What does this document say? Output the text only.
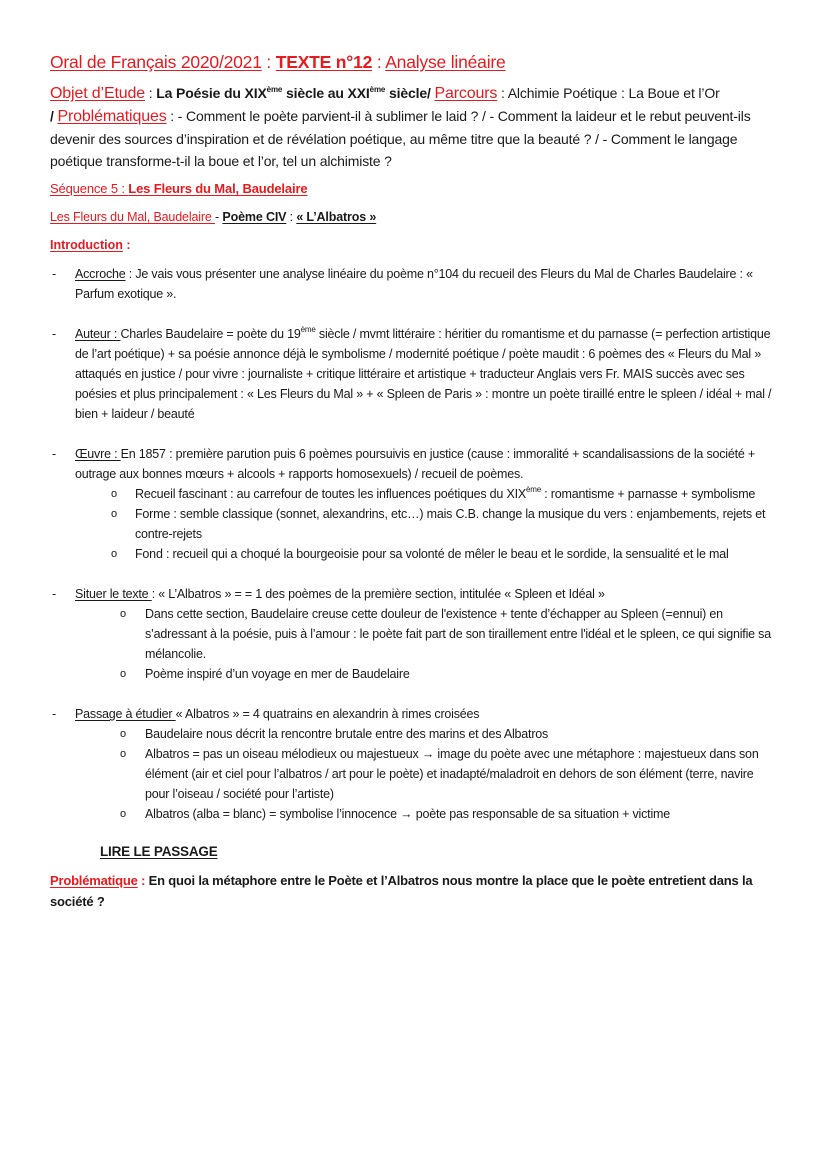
Oral de Français 2020/2021 : TEXTE n°12 : Analyse linéaire
Objet d’Etude : La Poésie du XIXème siècle au XXIème siècle/ Parcours : Alchimie Poétique : La Boue et l’Or
/ Problématiques : - Comment le poète parvient-il à sublimer le laid ? / - Comment la laideur et le rebut peuvent-ils devenir des sources d’inspiration et de révélation poétique, au même titre que la beauté ? / - Comment le langage poétique transforme-t-il la boue et l’or, tel un alchimiste ?
Séquence 5 : Les Fleurs du Mal, Baudelaire
Les Fleurs du Mal, Baudelaire - Poème CIV : « L’Albatros »
Introduction :
- Accroche : Je vais vous présenter une analyse linéaire du poème n°104 du recueil des Fleurs du Mal de Charles Baudelaire : « Parfum exotique ».
- Auteur : Charles Baudelaire = poète du 19ème siècle / mvmt littéraire : héritier du romantisme et du parnasse (= perfection artistique de l’art poétique) + sa poésie annonce déjà le symbolisme / modernité poétique / poète maudit : 6 poèmes des « Fleurs du Mal » attaqués en justice / pour vivre : journaliste + critique littéraire et artistique + traducteur Anglais vers Fr. MAIS succès avec ses poésies et plus principalement : « Les Fleurs du Mal » + « Spleen de Paris » : montre un poète tiraillé entre le spleen / idéal + mal / bien + laideur / beauté
- Œuvre : En 1857 : première parution puis 6 poèmes poursuivis en justice (cause : immoralité + scandalisassions de la société + outrage aux bonnes mœurs + alcools + rapports homosexuels) / recueil de poèmes.
o Recueil fascinant : au carrefour de toutes les influences poétiques du XIXème : romantisme + parnasse + symbolisme
o Forme : semble classique (sonnet, alexandrins, etc…) mais C.B. change la musique du vers : enjambements, rejets et contre-rejets
o Fond : recueil qui a choqué la bourgeoisie pour sa volonté de mêler le beau et le sordide, la sensualité et le mal
- Situer le texte : « L’Albatros » = = 1 des poèmes de la première section, intitulée « Spleen et Idéal »
o Dans cette section, Baudelaire creuse cette douleur de l'existence + tente d’échapper au Spleen (=ennui) en s’adressant à la poésie, puis à l’amour : le poète fait part de son tiraillement entre l'idéal et le spleen, ce qui signifie sa mélancolie.
o Poème inspiré d’un voyage en mer de Baudelaire
- Passage à étudier « Albatros » = 4 quatrains en alexandrin à rimes croisées
o Baudelaire nous décrit la rencontre brutale entre des marins et des Albatros
o Albatros = pas un oiseau mélodieux ou majestueux → image du poète avec une métaphore : majestueux dans son élément (air et ciel pour l’albatros / art pour le poète) et inadapté/maladroit en dehors de son élément (terre, navire pour l’oiseau / société pour l’artiste)
o Albatros (alba = blanc) = symbolise l’innocence → poète pas responsable de sa situation + victime
LIRE LE PASSAGE
Problématique : En quoi la métaphore entre le Poète et l’Albatros nous montre la place que le poète entretient dans la société ?
